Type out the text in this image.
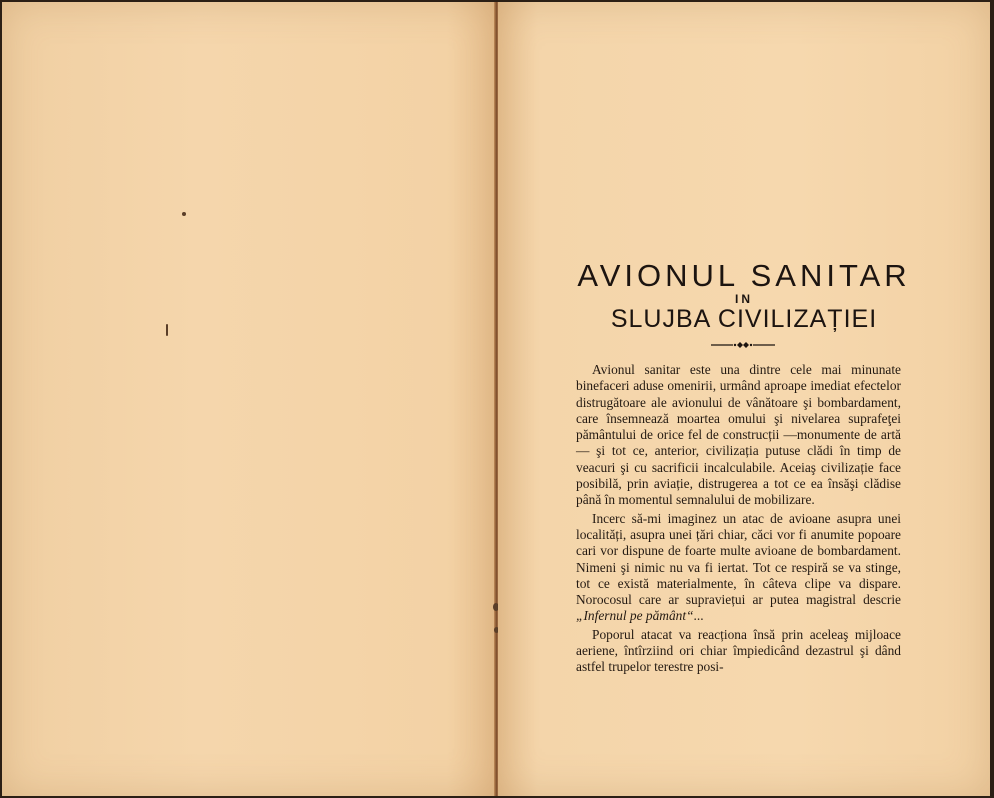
AVIONUL SANITAR
IN
SLUJBA CIVILIZAȚIEI

Avionul sanitar este una dintre cele mai minunate binefaceri aduse omenirii, urmând aproape imediat efectelor distrugătoare ale avionului de vânătoare şi bombardament, care însemnează moartea omului şi nivelarea suprafeţei pământului de orice fel de construcții —monumente de artă— şi tot ce, anterior, civilizația putuse clădi în timp de veacuri şi cu sacrificii incalculabile. Aceiaş civilizație face posibilă, prin aviație, distrugerea a tot ce ea însăşi clădise până în momentul semnalului de mobilizare.

Incerc să-mi imaginez un atac de avioane asupra unei localități, asupra unei țări chiar, căci vor fi anumite popoare cari vor dispune de foarte multe avioane de bombardament. Nimeni şi nimic nu va fi iertat. Tot ce respiră se va stinge, tot ce există materialmente, în câteva clipe va dispare. Norocosul care ar supraviețui ar putea magistral descrie „Infernul pe pământ“...

Poporul atacat va reacționa însă prin aceleaş mijloace aeriene, întîrziind ori chiar împiedicând dezastrul şi dând astfel trupelor terestre posi-
